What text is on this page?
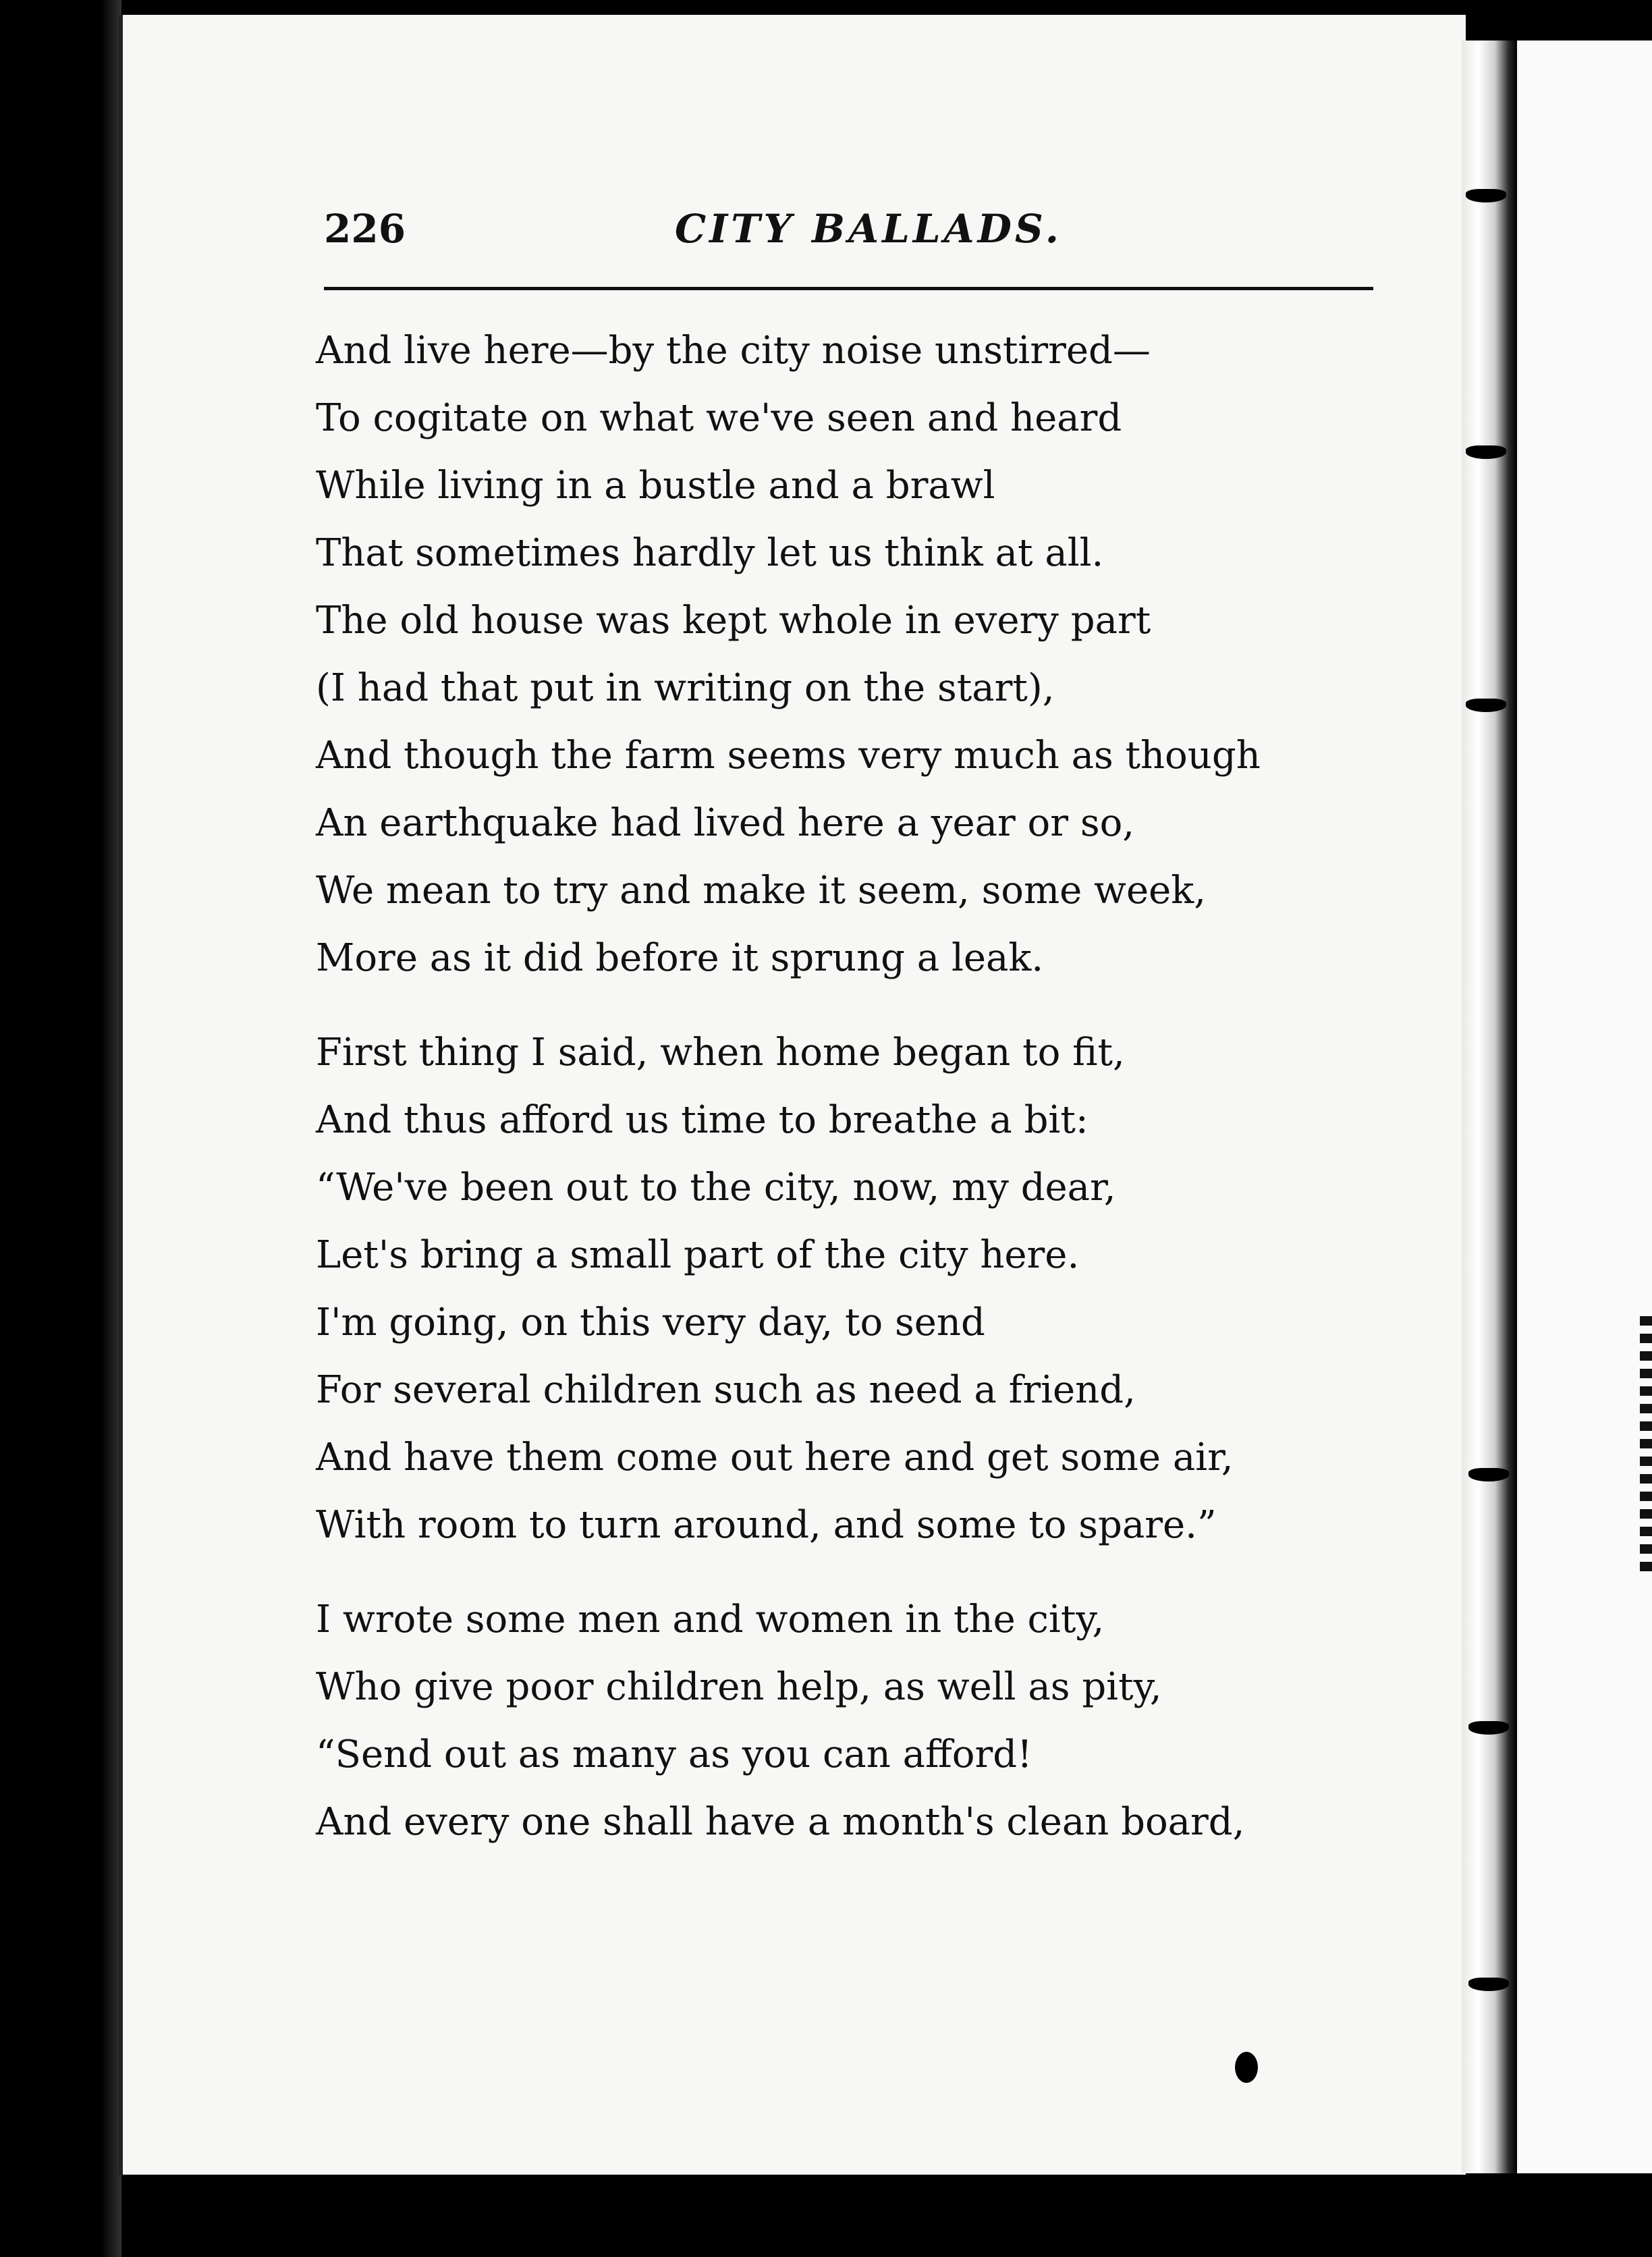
226	CITY BALLADS.
And live here—by the city noise unstirred—
To cogitate on what we've seen and heard
While living in a bustle and a brawl
That sometimes hardly let us think at all.
The old house was kept whole in every part
(I had that put in writing on the start),
And though the farm seems very much as though
An earthquake had lived here a year or so,
We mean to try and make it seem, some week,
More as it did before it sprung a leak.
First thing I said, when home began to fit,
And thus afford us time to breathe a bit:
“We've been out to the city, now, my dear,
Let's bring a small part of the city here.
I'm going, on this very day, to send
For several children such as need a friend,
And have them come out here and get some air,
With room to turn around, and some to spare.”
I wrote some men and women in the city,
Who give poor children help, as well as pity,
“Send out as many as you can afford!
And every one shall have a month's clean board,
